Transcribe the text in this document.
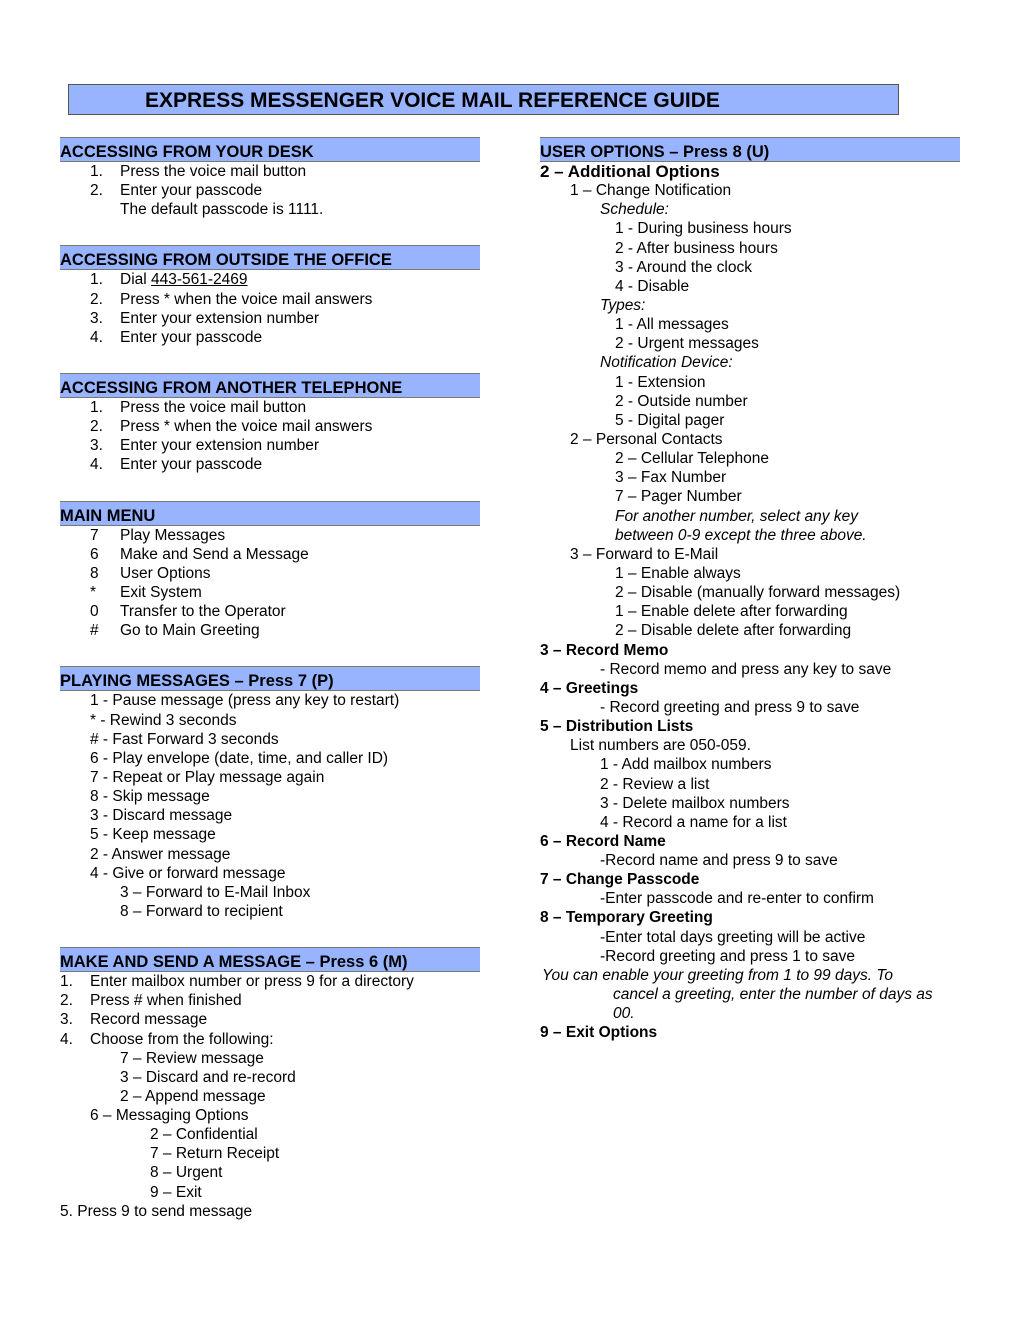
EXPRESS MESSENGER VOICE MAIL REFERENCE GUIDE
ACCESSING FROM YOUR DESK
1. Press the voice mail button
2. Enter your passcode
The default passcode is 1111.
ACCESSING FROM OUTSIDE THE OFFICE
1. Dial 443-561-2469
2. Press * when the voice mail answers
3. Enter your extension number
4. Enter your passcode
ACCESSING FROM ANOTHER TELEPHONE
1. Press the voice mail button
2. Press * when the voice mail answers
3. Enter your extension number
4. Enter your passcode
MAIN MENU
7 Play Messages
6 Make and Send a Message
8 User Options
* Exit System
0 Transfer to the Operator
# Go to Main Greeting
PLAYING MESSAGES – Press 7 (P)
1 - Pause message (press any key to restart)
* - Rewind 3 seconds
# - Fast Forward 3 seconds
6 - Play envelope (date, time, and caller ID)
7 - Repeat or Play message again
8 - Skip message
3 - Discard message
5 - Keep message
2 - Answer message
4 - Give or forward message
3 – Forward to E-Mail Inbox
8 – Forward to recipient
MAKE AND SEND A MESSAGE – Press 6 (M)
1. Enter mailbox number or press 9 for a directory
2. Press # when finished
3. Record message
4. Choose from the following:
7 – Review message
3 – Discard and re-record
2 – Append message
6 – Messaging Options
2 – Confidential
7 – Return Receipt
8 – Urgent
9 – Exit
5. Press 9 to send message
USER OPTIONS – Press 8 (U)
2 – Additional Options
1 – Change Notification
Schedule:
1 - During business hours
2 - After business hours
3 - Around the clock
4 - Disable
Types:
1 - All messages
2 - Urgent messages
Notification Device:
1 - Extension
2 - Outside number
5 - Digital pager
2 – Personal Contacts
2 – Cellular Telephone
3 – Fax Number
7 – Pager Number
For another number, select any key
between 0-9 except the three above.
3 – Forward to E-Mail
1 – Enable always
2 – Disable (manually forward messages)
1 – Enable delete after forwarding
2 – Disable delete after forwarding
3 – Record Memo
- Record memo and press any key to save
4 – Greetings
- Record greeting and press 9 to save
5 – Distribution Lists
List numbers are 050-059.
1 - Add mailbox numbers
2 - Review a list
3 - Delete mailbox numbers
4 - Record a name for a list
6 – Record Name
-Record name and press 9 to save
7 – Change Passcode
-Enter passcode and re-enter to confirm
8 – Temporary Greeting
-Enter total days greeting will be active
-Record greeting and press 1 to save
You can enable your greeting from 1 to 99 days. To
cancel a greeting, enter the number of days as
00.
9 – Exit Options
